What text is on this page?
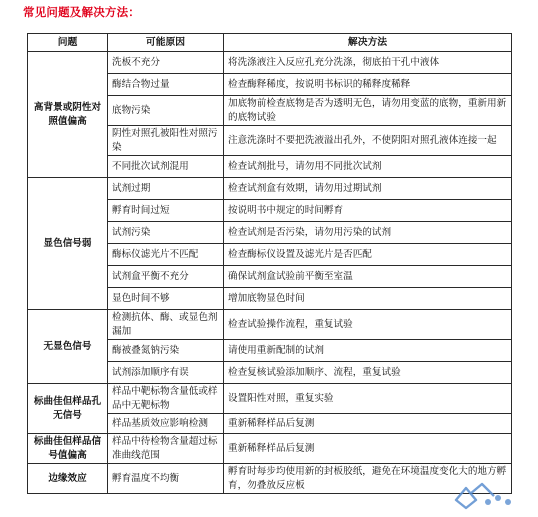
常见问题及解决方法：
问题	可能原因	解决方法
高背景或阴性对照值偏高	洗板不充分	将洗涤液注入反应孔充分洗涤，彻底拍干孔中液体
	酶结合物过量	检查酶释稀度，按说明书标识的稀释度稀释
	底物污染	加底物前检查底物是否为透明无色，请勿用变蓝的底物，重新用新的底物试验
	阴性对照孔被阳性对照污染	注意洗涤时不要把洗液溢出孔外，不使阴阳对照孔液体连接一起
	不同批次试剂混用	检查试剂批号，请勿用不同批次试剂
显色信号弱	试剂过期	检查试剂盒有效期，请勿用过期试剂
	孵育时间过短	按说明书中规定的时间孵育
	试剂污染	检查试剂是否污染，请勿用污染的试剂
	酶标仪滤光片不匹配	检查酶标仪设置及滤光片是否匹配
	试剂盒平衡不充分	确保试剂盒试验前平衡至室温
	显色时间不够	增加底物显色时间
无显色信号	检测抗体、酶、或显色剂漏加	检查试验操作流程，重复试验
	酶被叠氮钠污染	请使用重新配制的试剂
	试剂添加顺序有误	检查复核试验添加顺序、流程，重复试验
标曲佳但样品孔无信号	样品中靶标物含量低或样品中无靶标物	设置阳性对照，重复实验
	样品基质效应影响检测	重新稀释样品后复测
标曲佳但样品信号值偏高	样品中待检物含量超过标准曲线范围	重新稀释样品后复测
边缘效应	孵育温度不均衡	孵育时每步均使用新的封板胶纸，避免在环境温度变化大的地方孵育，勿叠放反应板
